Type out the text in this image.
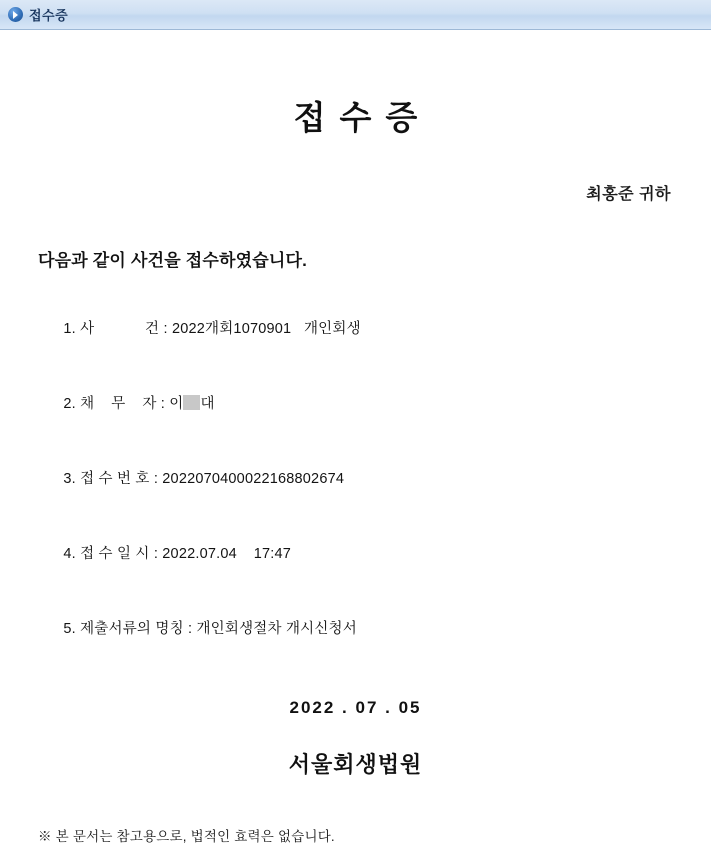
접수증
접수증
최홍준 귀하
다음과 같이 사건을 접수하였습니다.

1. 사            건 : 2022개회1070901   개인회생

2. 채    무    자 : 이 대

3. 접 수 번 호 : 2022070400022168802674

4. 접 수 일 시 : 2022.07.04    17:47

5. 제출서류의 명칭 : 개인회생절차 개시신청서

2022 . 07 . 05
서울회생법원
※ 본 문서는 참고용으로, 법적인 효력은 없습니다.
